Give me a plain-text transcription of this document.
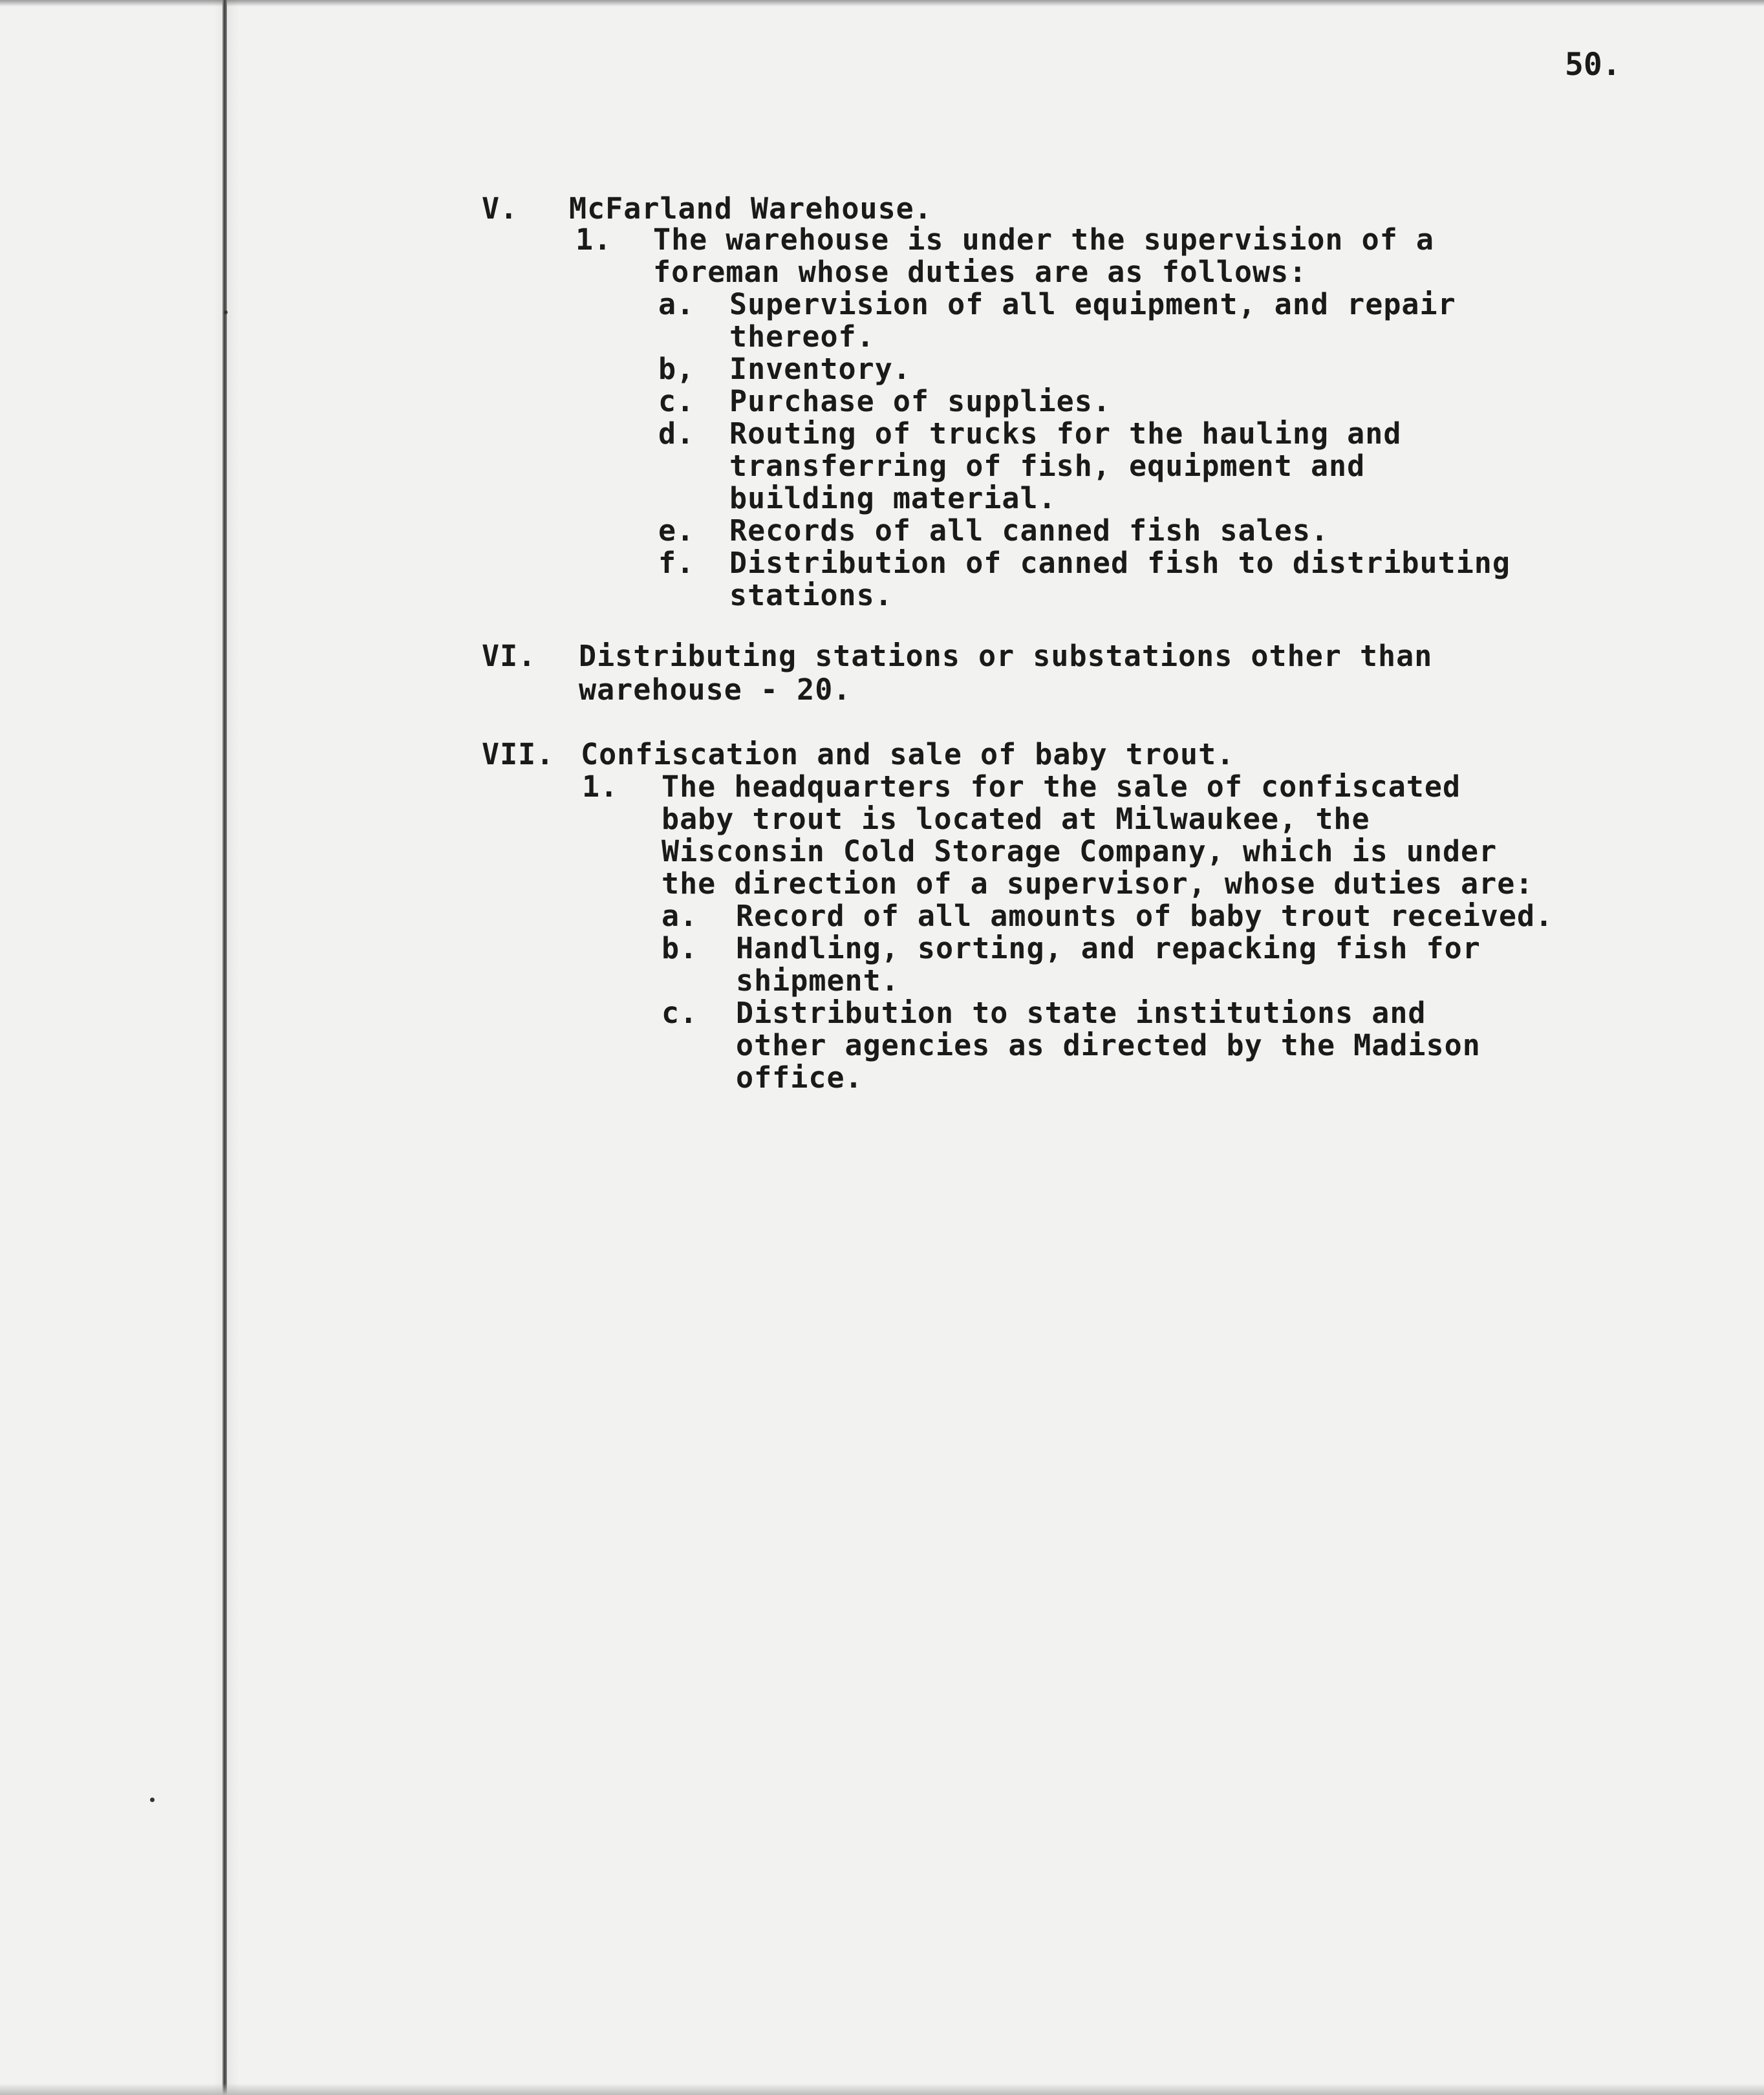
50.
V. McFarland Warehouse.
1. The warehouse is under the supervision of a
foreman whose duties are as follows:
a. Supervision of all equipment, and repair
thereof.
b, Inventory.
c. Purchase of supplies.
d. Routing of trucks for the hauling and
transferring of fish, equipment and
building material.
e. Records of all canned fish sales.
f. Distribution of canned fish to distributing
stations.
VI. Distributing stations or substations other than
warehouse - 20.
VII. Confiscation and sale of baby trout.
1. The headquarters for the sale of confiscated
baby trout is located at Milwaukee, the
Wisconsin Cold Storage Company, which is under
the direction of a supervisor, whose duties are:
a. Record of all amounts of baby trout received.
b. Handling, sorting, and repacking fish for
shipment.
c. Distribution to state institutions and
other agencies as directed by the Madison
office.
